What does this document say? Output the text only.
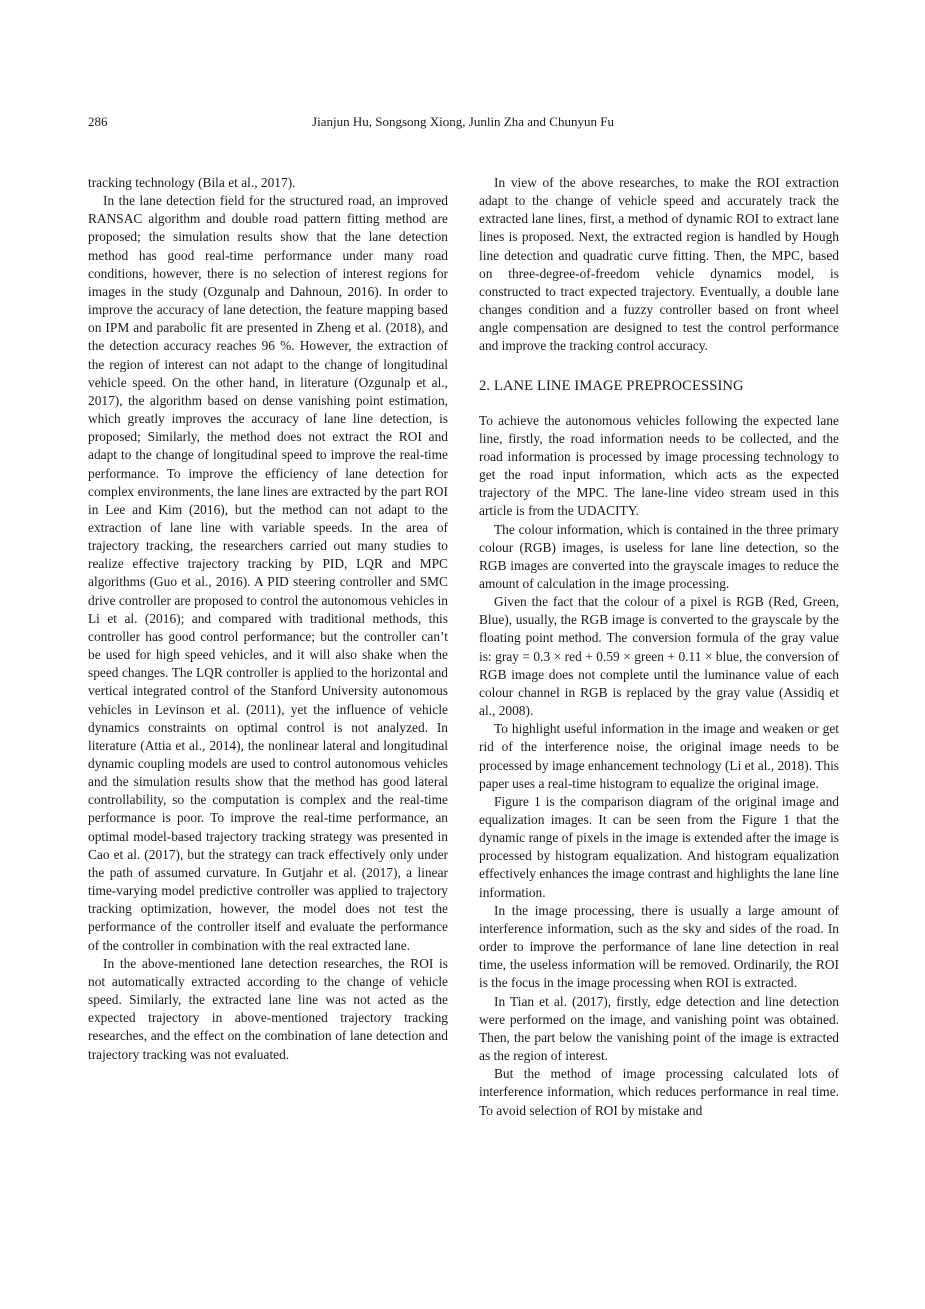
286	Jianjun Hu, Songsong Xiong, Junlin Zha and Chunyun Fu

tracking technology (Bila et al., 2017).

In the lane detection field for the structured road, an improved RANSAC algorithm and double road pattern fitting method are proposed; the simulation results show that the lane detection method has good real-time performance under many road conditions, however, there is no selection of interest regions for images in the study (Ozgunalp and Dahnoun, 2016). In order to improve the accuracy of lane detection, the feature mapping based on IPM and parabolic fit are presented in Zheng et al. (2018), and the detection accuracy reaches 96 %. However, the extraction of the region of interest can not adapt to the change of longitudinal vehicle speed. On the other hand, in literature (Ozgunalp et al., 2017), the algorithm based on dense vanishing point estimation, which greatly improves the accuracy of lane line detection, is proposed; Similarly, the method does not extract the ROI and adapt to the change of longitudinal speed to improve the real-time performance. To improve the efficiency of lane detection for complex environments, the lane lines are extracted by the part ROI in Lee and Kim (2016), but the method can not adapt to the extraction of lane line with variable speeds. In the area of trajectory tracking, the researchers carried out many studies to realize effective trajectory tracking by PID, LQR and MPC algorithms (Guo et al., 2016). A PID steering controller and SMC drive controller are proposed to control the autonomous vehicles in Li et al. (2016); and compared with traditional methods, this controller has good control performance; but the controller can’t be used for high speed vehicles, and it will also shake when the speed changes. The LQR controller is applied to the horizontal and vertical integrated control of the Stanford University autonomous vehicles in Levinson et al. (2011), yet the influence of vehicle dynamics constraints on optimal control is not analyzed. In literature (Attia et al., 2014), the nonlinear lateral and longitudinal dynamic coupling models are used to control autonomous vehicles and the simulation results show that the method has good lateral controllability, so the computation is complex and the real-time performance is poor. To improve the real-time performance, an optimal model-based trajectory tracking strategy was presented in Cao et al. (2017), but the strategy can track effectively only under the path of assumed curvature. In Gutjahr et al. (2017), a linear time-varying model predictive controller was applied to trajectory tracking optimization, however, the model does not test the performance of the controller itself and evaluate the performance of the controller in combination with the real extracted lane.

In the above-mentioned lane detection researches, the ROI is not automatically extracted according to the change of vehicle speed. Similarly, the extracted lane line was not acted as the expected trajectory in above-mentioned trajectory tracking researches, and the effect on the combination of lane detection and trajectory tracking was not evaluated.

In view of the above researches, to make the ROI extraction adapt to the change of vehicle speed and accurately track the extracted lane lines, first, a method of dynamic ROI to extract lane lines is proposed. Next, the extracted region is handled by Hough line detection and quadratic curve fitting. Then, the MPC, based on three-degree-of-freedom vehicle dynamics model, is constructed to tract expected trajectory. Eventually, a double lane changes condition and a fuzzy controller based on front wheel angle compensation are designed to test the control performance and improve the tracking control accuracy.

2. LANE LINE IMAGE PREPROCESSING

To achieve the autonomous vehicles following the expected lane line, firstly, the road information needs to be collected, and the road information is processed by image processing technology to get the road input information, which acts as the expected trajectory of the MPC. The lane-line video stream used in this article is from the UDACITY.

The colour information, which is contained in the three primary colour (RGB) images, is useless for lane line detection, so the RGB images are converted into the grayscale images to reduce the amount of calculation in the image processing.

Given the fact that the colour of a pixel is RGB (Red, Green, Blue), usually, the RGB image is converted to the grayscale by the floating point method. The conversion formula of the gray value is: gray = 0.3 × red + 0.59 × green + 0.11 × blue, the conversion of RGB image does not complete until the luminance value of each colour channel in RGB is replaced by the gray value (Assidiq et al., 2008).

To highlight useful information in the image and weaken or get rid of the interference noise, the original image needs to be processed by image enhancement technology (Li et al., 2018). This paper uses a real-time histogram to equalize the original image.

Figure 1 is the comparison diagram of the original image and equalization images. It can be seen from the Figure 1 that the dynamic range of pixels in the image is extended after the image is processed by histogram equalization. And histogram equalization effectively enhances the image contrast and highlights the lane line information.

In the image processing, there is usually a large amount of interference information, such as the sky and sides of the road. In order to improve the performance of lane line detection in real time, the useless information will be removed. Ordinarily, the ROI is the focus in the image processing when ROI is extracted.

In Tian et al. (2017), firstly, edge detection and line detection were performed on the image, and vanishing point was obtained. Then, the part below the vanishing point of the image is extracted as the region of interest.

But the method of image processing calculated lots of interference information, which reduces performance in real time. To avoid selection of ROI by mistake and
